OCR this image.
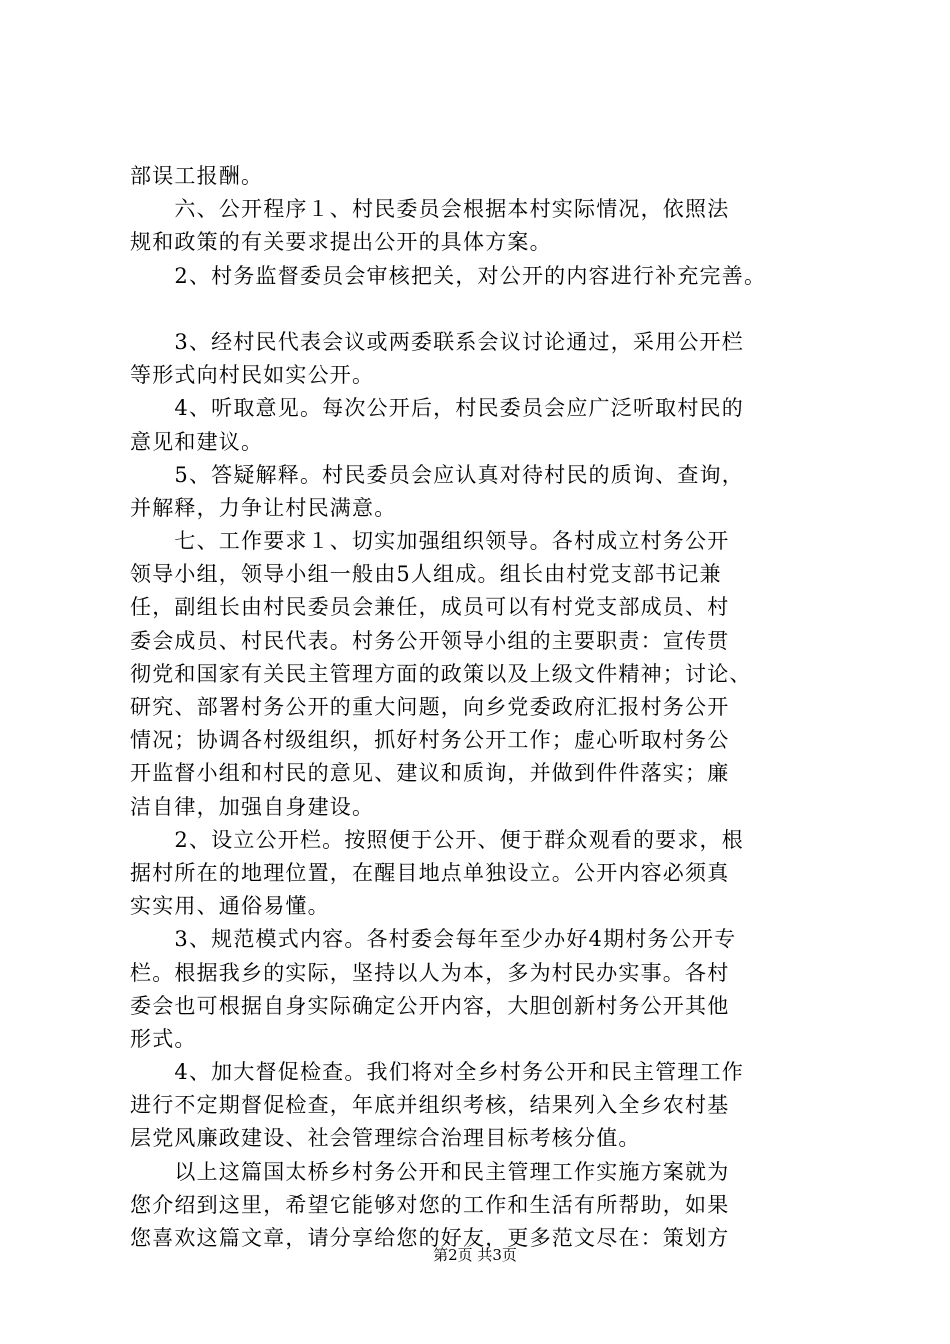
部误工报酬。
　　六、公开程序１、村民委员会根据本村实际情况，依照法
规和政策的有关要求提出公开的具体方案。
　　2、村务监督委员会审核把关，对公开的内容进行补充完善。
　　3、经村民代表会议或两委联系会议讨论通过，采用公开栏
等形式向村民如实公开。
　　4、听取意见。每次公开后，村民委员会应广泛听取村民的
意见和建议。
　　5、答疑解释。村民委员会应认真对待村民的质询、查询，
并解释，力争让村民满意。
　　七、工作要求１、切实加强组织领导。各村成立村务公开
领导小组，领导小组一般由5人组成。组长由村党支部书记兼
任，副组长由村民委员会兼任，成员可以有村党支部成员、村
委会成员、村民代表。村务公开领导小组的主要职责：宣传贯
彻党和国家有关民主管理方面的政策以及上级文件精神；讨论、
研究、部署村务公开的重大问题，向乡党委政府汇报村务公开
情况；协调各村级组织，抓好村务公开工作；虚心听取村务公
开监督小组和村民的意见、建议和质询，并做到件件落实；廉
洁自律，加强自身建设。
　　2、设立公开栏。按照便于公开、便于群众观看的要求，根
据村所在的地理位置，在醒目地点单独设立。公开内容必须真
实实用、通俗易懂。
　　3、规范模式内容。各村委会每年至少办好4期村务公开专
栏。根据我乡的实际，坚持以人为本，多为村民办实事。各村
委会也可根据自身实际确定公开内容，大胆创新村务公开其他
形式。
　　4、加大督促检查。我们将对全乡村务公开和民主管理工作
进行不定期督促检查，年底并组织考核，结果列入全乡农村基
层党风廉政建设、社会管理综合治理目标考核分值。
　　以上这篇国太桥乡村务公开和民主管理工作实施方案就为
您介绍到这里，希望它能够对您的工作和生活有所帮助，如果
您喜欢这篇文章，请分享给您的好友，更多范文尽在：策划方
第2页 共3页
